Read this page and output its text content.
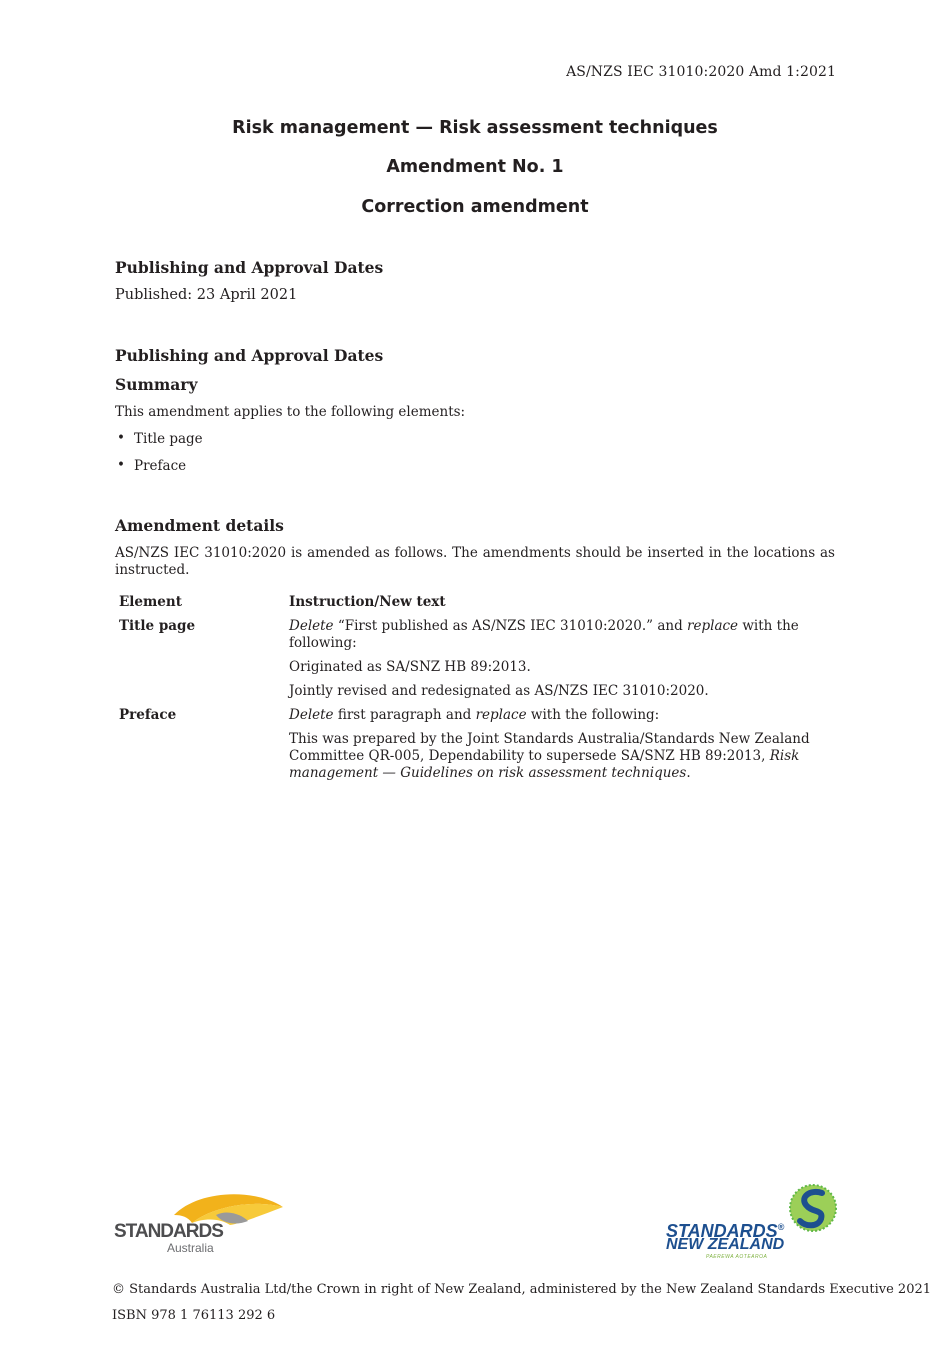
AS/NZS IEC 31010:2020 Amd 1:2021
Risk management — Risk assessment techniques
Amendment No. 1
Correction amendment
Publishing and Approval Dates
Published: 23 April 2021
Publishing and Approval Dates
Summary
This amendment applies to the following elements:
• Title page
• Preface
Amendment details
AS/NZS IEC 31010:2020 is amended as follows. The amendments should be inserted in the locations as instructed.
Element	Instruction/New text
Title page	Delete “First published as AS/NZS IEC 31010:2020.” and replace with the following:
Originated as SA/SNZ HB 89:2013.
Jointly revised and redesignated as AS/NZS IEC 31010:2020.

Preface	Delete first paragraph and replace with the following:
This was prepared by the Joint Standards Australia/Standards New Zealand Committee QR-005, Dependability to supersede SA/SNZ HB 89:2013, Risk management — Guidelines on risk assessment techniques.
STANDARDS
Australia
STANDARDS®
NEW ZEALAND
PAEREWA AOTEAROA
© Standards Australia Ltd/the Crown in right of New Zealand, administered by the New Zealand Standards Executive 2021
ISBN 978 1 76113 292 6
